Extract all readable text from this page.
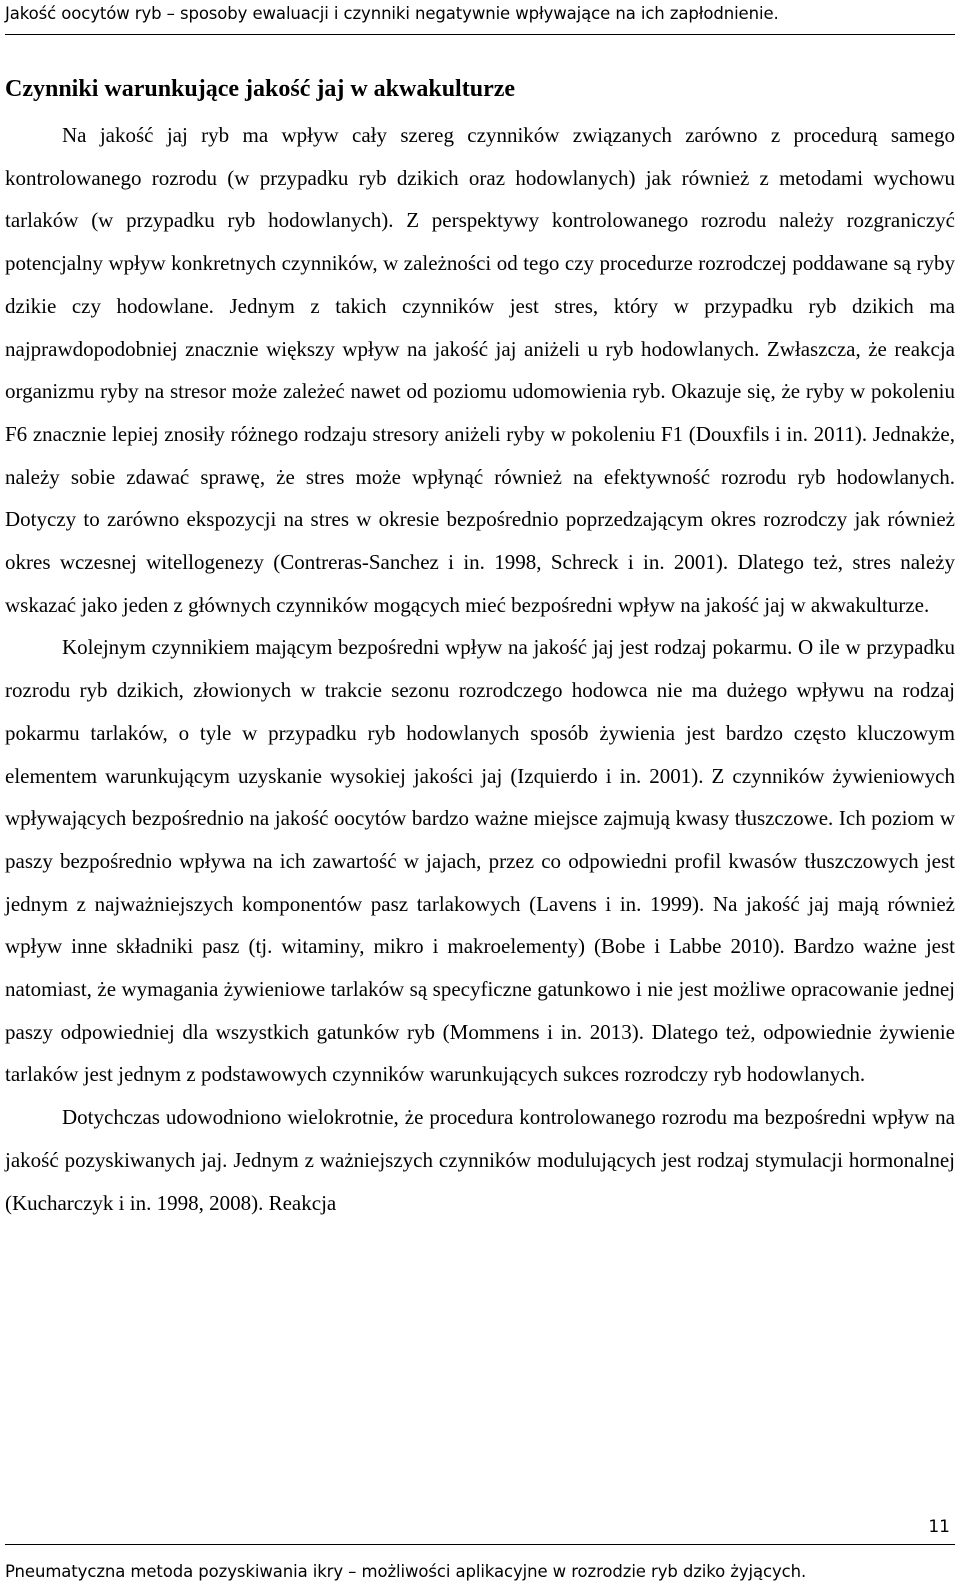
Jakość oocytów ryb – sposoby ewaluacji i czynniki negatywnie wpływające na ich zapłodnienie.
Czynniki warunkujące jakość jaj w akwakulturze

Na jakość jaj ryb ma wpływ cały szereg czynników związanych zarówno z procedurą samego kontrolowanego rozrodu (w przypadku ryb dzikich oraz hodowlanych) jak również z metodami wychowu tarlaków (w przypadku ryb hodowlanych). Z perspektywy kontrolowanego rozrodu należy rozgraniczyć potencjalny wpływ konkretnych czynników, w zależności od tego czy procedurze rozrodczej poddawane są ryby dzikie czy hodowlane. Jednym z takich czynników jest stres, który w przypadku ryb dzikich ma najprawdopodobniej znacznie większy wpływ na jakość jaj aniżeli u ryb hodowlanych. Zwłaszcza, że reakcja organizmu ryby na stresor może zależeć nawet od poziomu udomowienia ryb. Okazuje się, że ryby w pokoleniu F6 znacznie lepiej znosiły różnego rodzaju stresory aniżeli ryby w pokoleniu F1 (Douxfils i in. 2011). Jednakże, należy sobie zdawać sprawę, że stres może wpłynąć również na efektywność rozrodu ryb hodowlanych. Dotyczy to zarówno ekspozycji na stres w okresie bezpośrednio poprzedzającym okres rozrodczy jak również okres wczesnej witellogenezy (Contreras-Sanchez i in. 1998, Schreck i in. 2001). Dlatego też, stres należy wskazać jako jeden z głównych czynników mogących mieć bezpośredni wpływ na jakość jaj w akwakulturze.

Kolejnym czynnikiem mającym bezpośredni wpływ na jakość jaj jest rodzaj pokarmu. O ile w przypadku rozrodu ryb dzikich, złowionych w trakcie sezonu rozrodczego hodowca nie ma dużego wpływu na rodzaj pokarmu tarlaków, o tyle w przypadku ryb hodowlanych sposób żywienia jest bardzo często kluczowym elementem warunkującym uzyskanie wysokiej jakości jaj (Izquierdo i in. 2001). Z czynników żywieniowych wpływających bezpośrednio na jakość oocytów bardzo ważne miejsce zajmują kwasy tłuszczowe. Ich poziom w paszy bezpośrednio wpływa na ich zawartość w jajach, przez co odpowiedni profil kwasów tłuszczowych jest jednym z najważniejszych komponentów pasz tarlakowych (Lavens i in. 1999). Na jakość jaj mają również wpływ inne składniki pasz (tj. witaminy, mikro i makroelementy) (Bobe i Labbe 2010). Bardzo ważne jest natomiast, że wymagania żywieniowe tarlaków są specyficzne gatunkowo i nie jest możliwe opracowanie jednej paszy odpowiedniej dla wszystkich gatunków ryb (Mommens i in. 2013). Dlatego też, odpowiednie żywienie tarlaków jest jednym z podstawowych czynników warunkujących sukces rozrodczy ryb hodowlanych.

Dotychczas udowodniono wielokrotnie, że procedura kontrolowanego rozrodu ma bezpośredni wpływ na jakość pozyskiwanych jaj. Jednym z ważniejszych czynników modulujących jest rodzaj stymulacji hormonalnej (Kucharczyk i in. 1998, 2008). Reakcja

11
Pneumatyczna metoda pozyskiwania ikry – możliwości aplikacyjne w rozrodzie ryb dziko żyjących.
